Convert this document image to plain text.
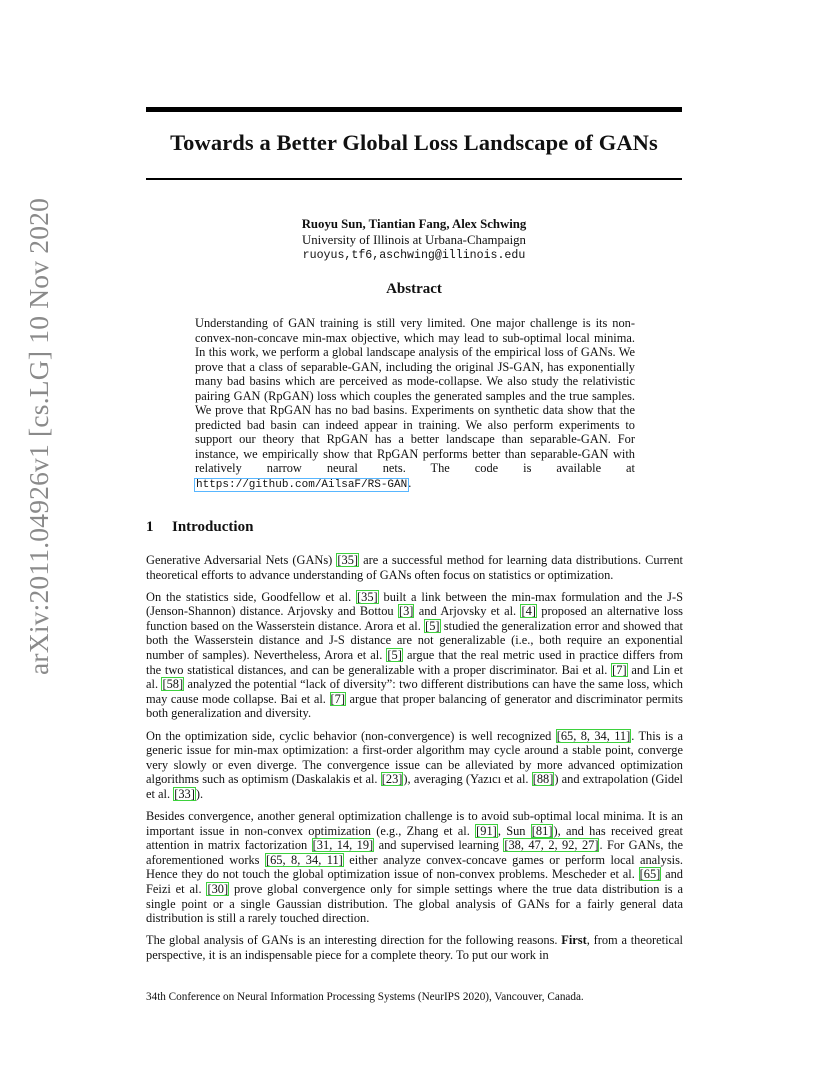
arXiv:2011.04926v1 [cs.LG] 10 Nov 2020
Towards a Better Global Loss Landscape of GANs
Ruoyu Sun, Tiantian Fang, Alex Schwing
University of Illinois at Urbana-Champaign
ruoyus,tf6,aschwing@illinois.edu
Abstract
Understanding of GAN training is still very limited. One major challenge is its non-convex-non-concave min-max objective, which may lead to sub-optimal local minima. In this work, we perform a global landscape analysis of the empirical loss of GANs. We prove that a class of separable-GAN, including the original JS-GAN, has exponentially many bad basins which are perceived as mode-collapse. We also study the relativistic pairing GAN (RpGAN) loss which couples the generated samples and the true samples. We prove that RpGAN has no bad basins. Experiments on synthetic data show that the predicted bad basin can indeed appear in training. We also perform experiments to support our theory that RpGAN has a better landscape than separable-GAN. For instance, we empirically show that RpGAN performs better than separable-GAN with relatively narrow neural nets. The code is available at https://github.com/AilsaF/RS-GAN.
1 Introduction

Generative Adversarial Nets (GANs) [35] are a successful method for learning data distributions. Current theoretical efforts to advance understanding of GANs often focus on statistics or optimization.

On the statistics side, Goodfellow et al. [35] built a link between the min-max formulation and the J-S (Jenson-Shannon) distance. Arjovsky and Bottou [3] and Arjovsky et al. [4] proposed an alternative loss function based on the Wasserstein distance. Arora et al. [5] studied the generalization error and showed that both the Wasserstein distance and J-S distance are not generalizable (i.e., both require an exponential number of samples). Nevertheless, Arora et al. [5] argue that the real metric used in practice differs from the two statistical distances, and can be generalizable with a proper discriminator. Bai et al. [7] and Lin et al. [58] analyzed the potential “lack of diversity”: two different distributions can have the same loss, which may cause mode collapse. Bai et al. [7] argue that proper balancing of generator and discriminator permits both generalization and diversity.

On the optimization side, cyclic behavior (non-convergence) is well recognized [65, 8, 34, 11]. This is a generic issue for min-max optimization: a first-order algorithm may cycle around a stable point, converge very slowly or even diverge. The convergence issue can be alleviated by more advanced optimization algorithms such as optimism (Daskalakis et al. [23]), averaging (Yazıcı et al. [88]) and extrapolation (Gidel et al. [33]).

Besides convergence, another general optimization challenge is to avoid sub-optimal local minima. It is an important issue in non-convex optimization (e.g., Zhang et al. [91], Sun [81]), and has received great attention in matrix factorization [31, 14, 19] and supervised learning [38, 47, 2, 92, 27]. For GANs, the aforementioned works [65, 8, 34, 11] either analyze convex-concave games or perform local analysis. Hence they do not touch the global optimization issue of non-convex problems. Mescheder et al. [65] and Feizi et al. [30] prove global convergence only for simple settings where the true data distribution is a single point or a single Gaussian distribution. The global analysis of GANs for a fairly general data distribution is still a rarely touched direction.

The global analysis of GANs is an interesting direction for the following reasons. First, from a theoretical perspective, it is an indispensable piece for a complete theory. To put our work in

34th Conference on Neural Information Processing Systems (NeurIPS 2020), Vancouver, Canada.
